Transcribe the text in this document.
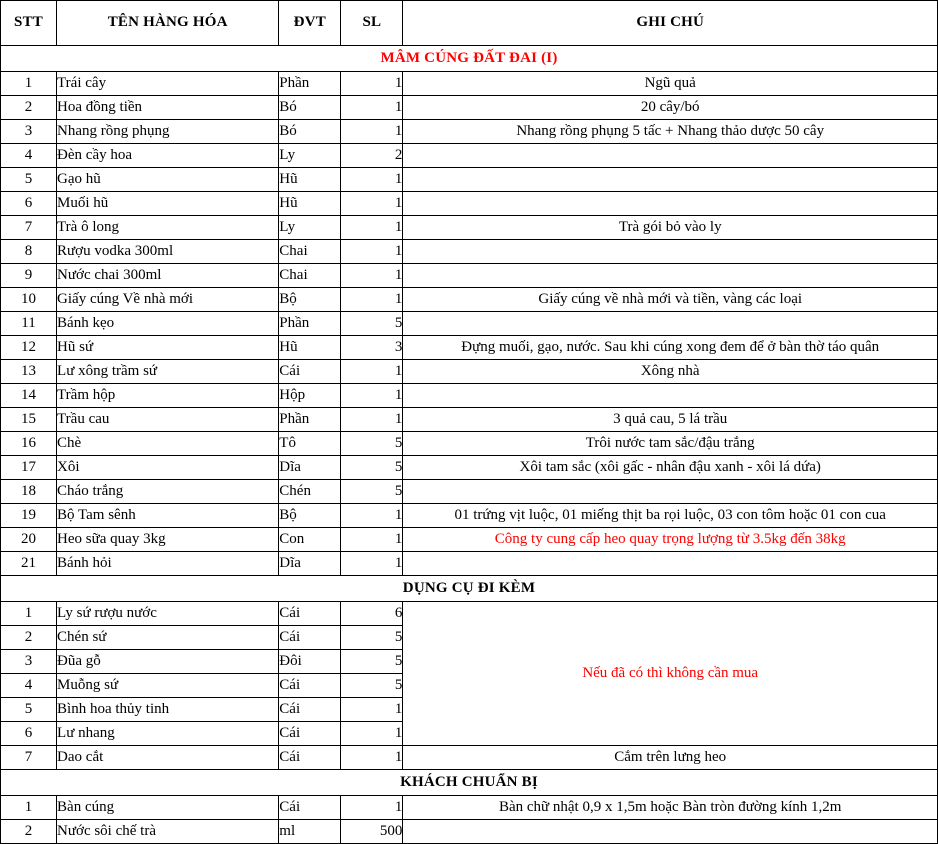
STT	TÊN HÀNG HÓA	ĐVT	SL	GHI CHÚ
MÂM CÚNG ĐẤT ĐAI (I)				
1	Trái cây	Phần	1	Ngũ quả
2	Hoa đồng tiền	Bó	1	20 cây/bó
3	Nhang rồng phụng	Bó	1	Nhang rồng phụng 5 tấc + Nhang thảo dược 50 cây
4	Đèn cầy hoa	Ly	2	
5	Gạo hũ	Hũ	1	
6	Muối hũ	Hũ	1	
7	Trà ô long	Ly	1	Trà gói bỏ vào ly
8	Rượu vodka 300ml	Chai	1	
9	Nước chai 300ml	Chai	1	
10	Giấy cúng Về nhà mới	Bộ	1	Giấy cúng về nhà mới và tiền, vàng các loại
11	Bánh kẹo	Phần	5	
12	Hũ sứ	Hũ	3	Đựng muối, gạo, nước. Sau khi cúng xong đem để ở bàn thờ táo quân
13	Lư xông trầm sứ	Cái	1	Xông nhà
14	Trầm hộp	Hộp	1	
15	Trầu cau	Phần	1	3 quả cau, 5 lá trầu
16	Chè	Tô	5	Trôi nước tam sắc/đậu trắng
17	Xôi	Dĩa	5	Xôi tam sắc (xôi gấc - nhân đậu xanh - xôi lá dứa)
18	Cháo trắng	Chén	5	
19	Bộ Tam sênh	Bộ	1	01 trứng vịt luộc, 01 miếng thịt ba rọi luộc, 03 con tôm hoặc 01 con cua
20	Heo sữa quay 3kg	Con	1	Công ty cung cấp heo quay trọng lượng từ 3.5kg đến 38kg
21	Bánh hỏi	Dĩa	1	
DỤNG CỤ ĐI KÈM				
1	Ly sứ rượu nước	Cái	6	Nếu đã có thì không cần mua
2	Chén sứ	Cái	5	
3	Đũa gỗ	Đôi	5	
4	Muỗng sứ	Cái	5	
5	Bình hoa thủy tinh	Cái	1	
6	Lư nhang	Cái	1	
7	Dao cắt	Cái	1	Cắm trên lưng heo
KHÁCH CHUẨN BỊ				
1	Bàn cúng	Cái	1	Bàn chữ nhật 0,9 x 1,5m hoặc Bàn tròn đường kính 1,2m
2	Nước sôi chế trà	ml	500	
